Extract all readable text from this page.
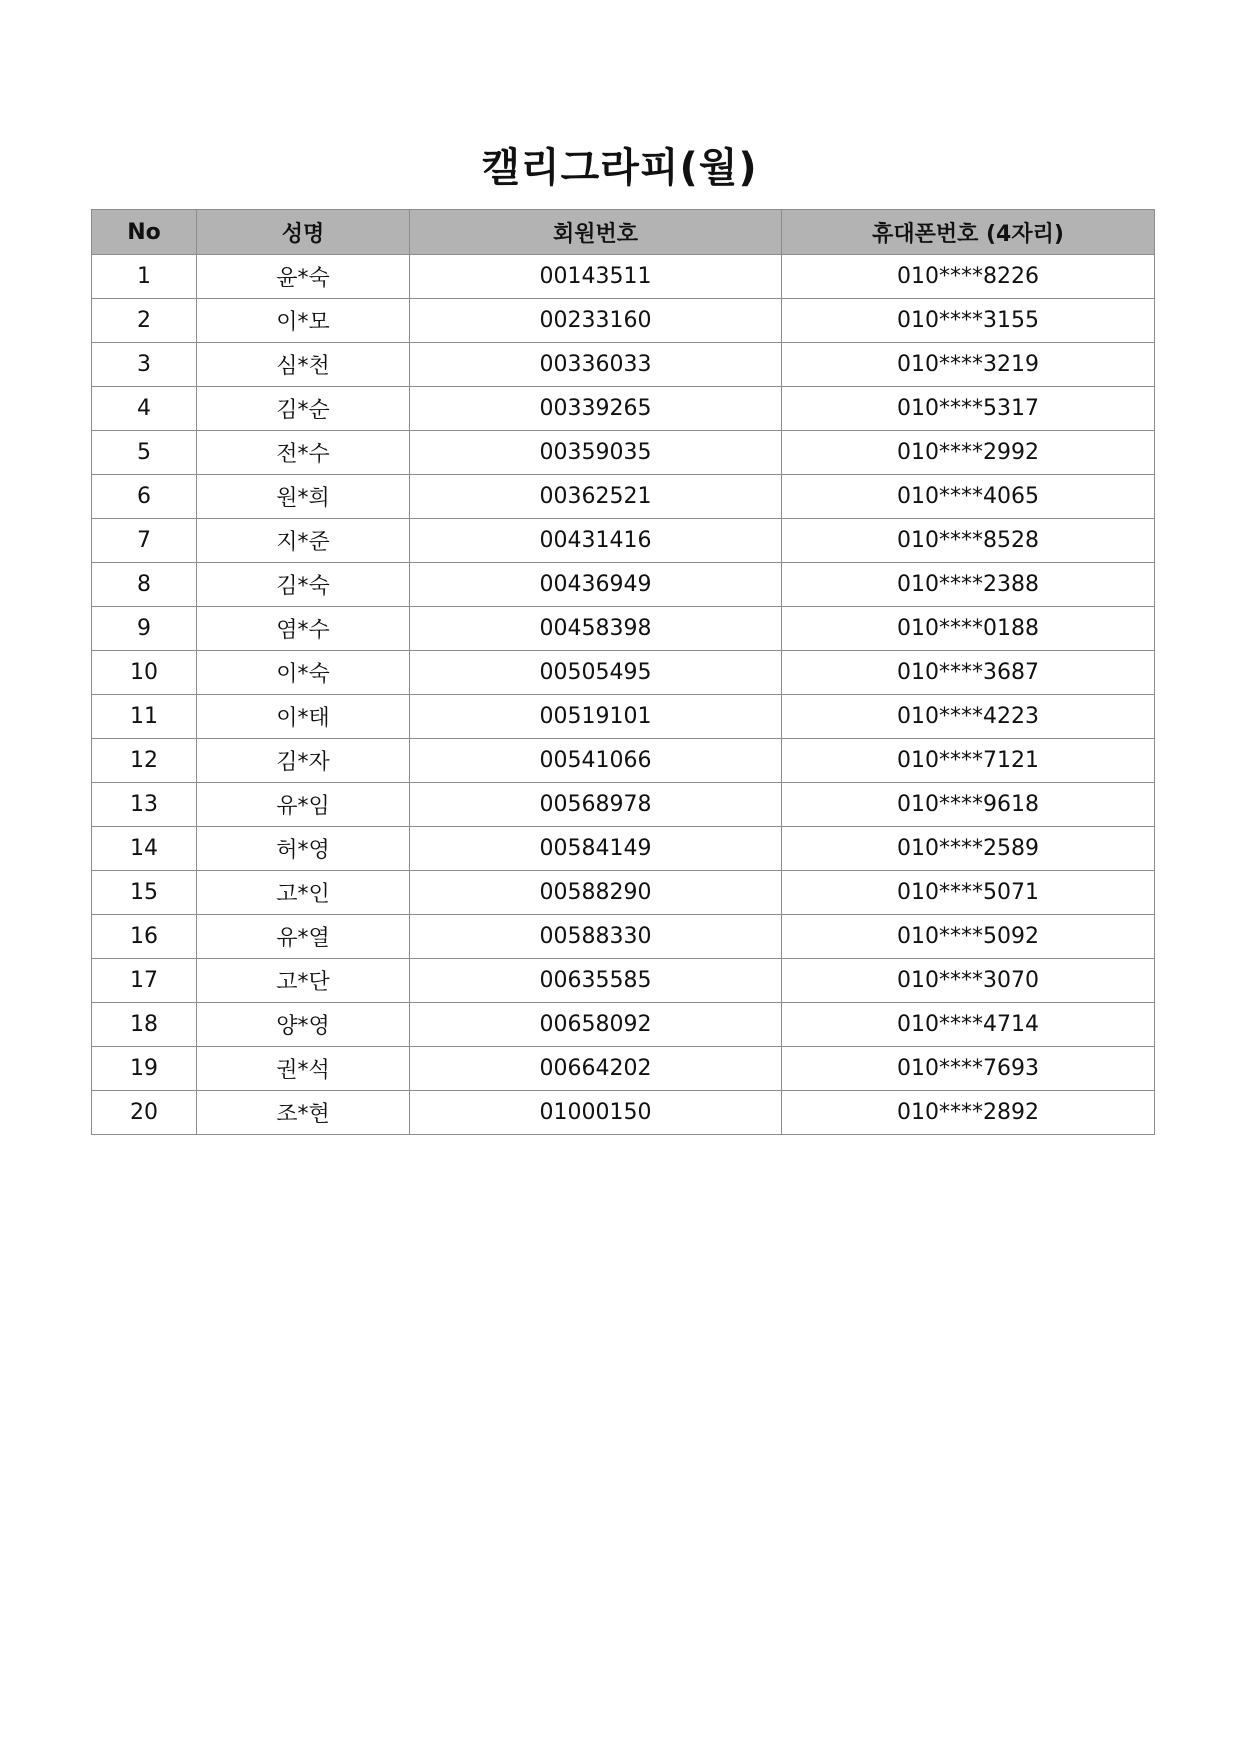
캘리그라피(월)
No	성명	회원번호	휴대폰번호 (4자리)
1	윤*숙	00143511	010****8226
2	이*모	00233160	010****3155
3	심*천	00336033	010****3219
4	김*순	00339265	010****5317
5	전*수	00359035	010****2992
6	원*희	00362521	010****4065
7	지*준	00431416	010****8528
8	김*숙	00436949	010****2388
9	염*수	00458398	010****0188
10	이*숙	00505495	010****3687
11	이*태	00519101	010****4223
12	김*자	00541066	010****7121
13	유*임	00568978	010****9618
14	허*영	00584149	010****2589
15	고*인	00588290	010****5071
16	유*열	00588330	010****5092
17	고*단	00635585	010****3070
18	양*영	00658092	010****4714
19	권*석	00664202	010****7693
20	조*현	01000150	010****2892
